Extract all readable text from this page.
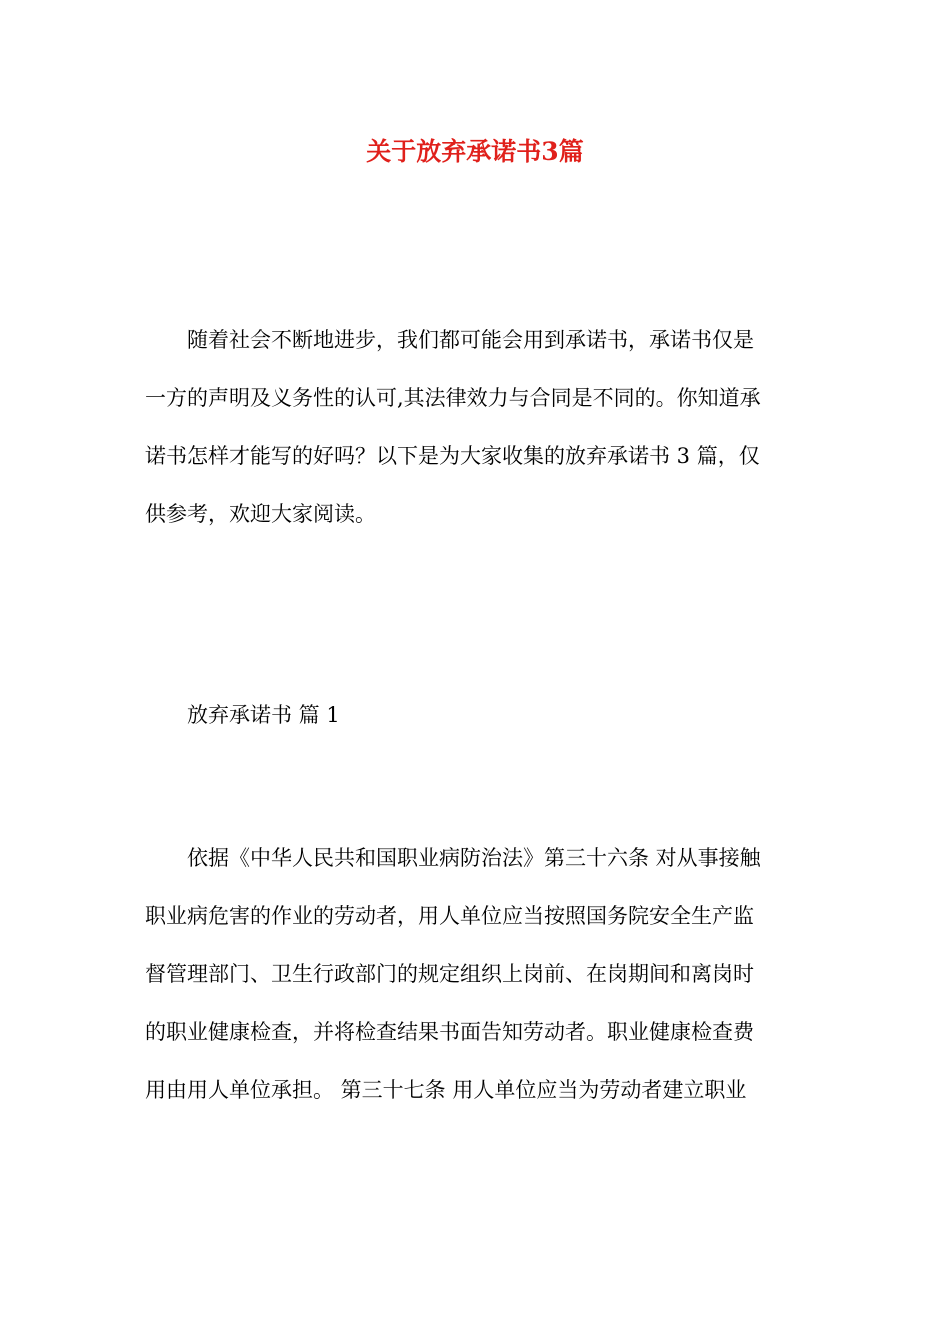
关于放弃承诺书3篇
随着社会不断地进步，我们都可能会用到承诺书，承诺书仅是
一方的声明及义务性的认可,其法律效力与合同是不同的。你知道承
诺书怎样才能写的好吗？以下是为大家收集的放弃承诺书 3 篇，仅
供参考，欢迎大家阅读。
放弃承诺书 篇 1
依据《中华人民共和国职业病防治法》第三十六条 对从事接触
职业病危害的作业的劳动者，用人单位应当按照国务院安全生产监
督管理部门、卫生行政部门的规定组织上岗前、在岗期间和离岗时
的职业健康检查，并将检查结果书面告知劳动者。职业健康检查费
用由用人单位承担。 第三十七条 用人单位应当为劳动者建立职业
